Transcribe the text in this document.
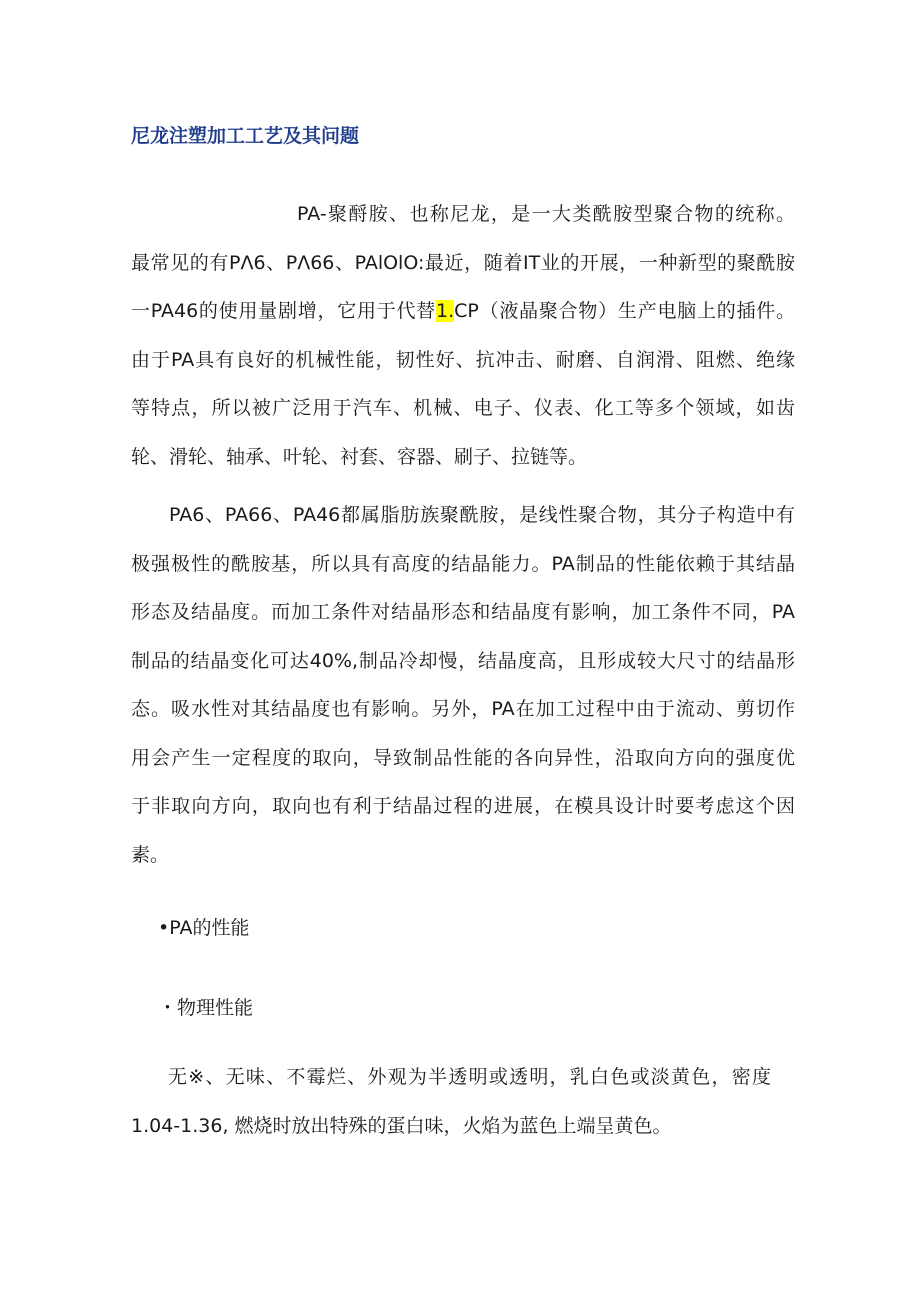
尼龙注塑加工工艺及其问题
PA-聚酹胺、也称尼龙，是一大类酰胺型聚合物的统称。
最常见的有PΛ6、PΛ66、PAlOlO:最近，随着IT业的开展，一种新型的聚酰胺
一PA46的使用量剧增，它用于代替1.CP（液晶聚合物）生产电脑上的插件。
由于PA具有良好的机械性能，韧性好、抗冲击、耐磨、自润滑、阻燃、绝缘
等特点，所以被广泛用于汽车、机械、电子、仪表、化工等多个领域，如齿
轮、滑轮、轴承、叶轮、衬套、容器、刷子、拉链等。
PA6、PA66、PA46都属脂肪族聚酰胺，是线性聚合物，其分子构造中有
极强极性的酰胺基，所以具有高度的结晶能力。PA制品的性能依赖于其结晶
形态及结晶度。而加工条件对结晶形态和结晶度有影响，加工条件不同，PA
制品的结晶变化可达40%,制品冷却慢，结晶度高，且形成较大尺寸的结晶形
态。吸水性对其结晶度也有影响。另外，PA在加工过程中由于流动、剪切作
用会产生一定程度的取向，导致制品性能的各向异性，沿取向方向的强度优
于非取向方向，取向也有利于结晶过程的进展，在模具设计时要考虑这个因
素。

•PA的性能

・物理性能

无※、无味、不霉烂、外观为半透明或透明，乳白色或淡黄色，密度
1.04-1.36, 燃烧时放出特殊的蛋白味，火焰为蓝色上端呈黄色。
